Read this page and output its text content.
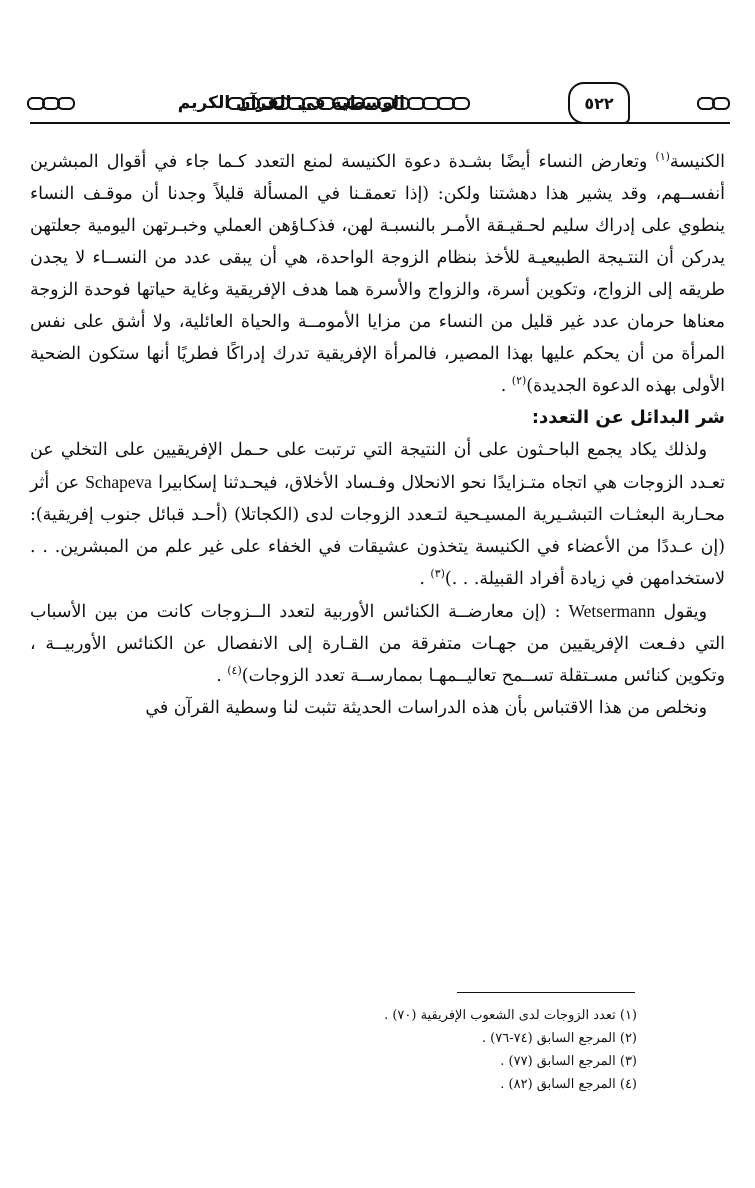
٥٢٢
الوسطية في القرآن الكريم

الكنيسة$^{(١)}$ وتعارض النساء أيضًا بشـدة دعوة الكنيسة لمنع التعدد كـما جاء في أقوال المبشرين أنفســهم، وقد يشير هذا دهشتنا ولكن: (إذا تعمقـنا في المسألة قليلاً وجدنا أن موقـف النساء ينطوي على إدراك سليم لحـقيـقة الأمـر بالنسبـة لهن، فذكـاؤهن العملي وخبـرتهن اليومية جعلتهن يدركن أن النتـيجة الطبيعيـة للأخذ بنظام الزوجة الواحدة، هي أن يبقى عدد من النســاء لا يجدن طريقه إلى الزواج، وتكوين أسرة، والزواج والأسرة هما هدف الإفريقية وغاية حياتها فوحدة الزوجة معناها حرمان عدد غير قليل من النساء من مزايا الأمومــة والحياة العائلية، ولا أشق على نفس المرأة من أن يحكم عليها بهذا المصير، فالمرأة الإفريقية تدرك إدراكًا فطريًا أنها ستكون الضحية الأولى بهذه الدعوة الجديدة)$^{(٢)}$ .

شر البدائل عن التعدد:

ولذلك يكاد يجمع الباحـثون على أن النتيجة التي ترتبت على حـمل الإفريقيين على التخلي عن تعـدد الزوجات هي اتجاه متـزايدًا نحو الانحلال وفـساد الأخلاق، فيحـدثنا إسكابيرا Schapeva عن أثر محـاربة البعثـات التبشـيرية المسيـحية لتـعدد الزوجات لدى (الكجاتلا) (أحـد قبائل جنوب إفريقية): (إن عـددًا من الأعضاء في الكنيسة يتخذون عشيقات في الخفاء على غير علم من المبشرين. . . لاستخدامهن في زيادة أفراد القبيلة. . .)$^{(٣)}$ .

ويقول Wetsermann : (إن معارضــة الكنائس الأوربية لتعدد الــزوجات كانت من بين الأسباب التي دفـعت الإفريقيين من جهـات متفرقة من القـارة إلى الانفصال عن الكنائس الأوربيــة ، وتكوين كنائس مسـتقلة تســمح تعاليــمهـا بممارســة تعدد الزوجات)$^{(٤)}$ .

ونخلص من هذا الاقتباس بأن هذه الدراسات الحديثة تثبت لنا وسطية القرآن في

(١) تعدد الزوجات لدى الشعوب الإفريقية (٧٠) .
(٢) المرجع السابق (٧٤-٧٦) .
(٣) المرجع السابق (٧٧) .
(٤) المرجع السابق (٨٢) .
